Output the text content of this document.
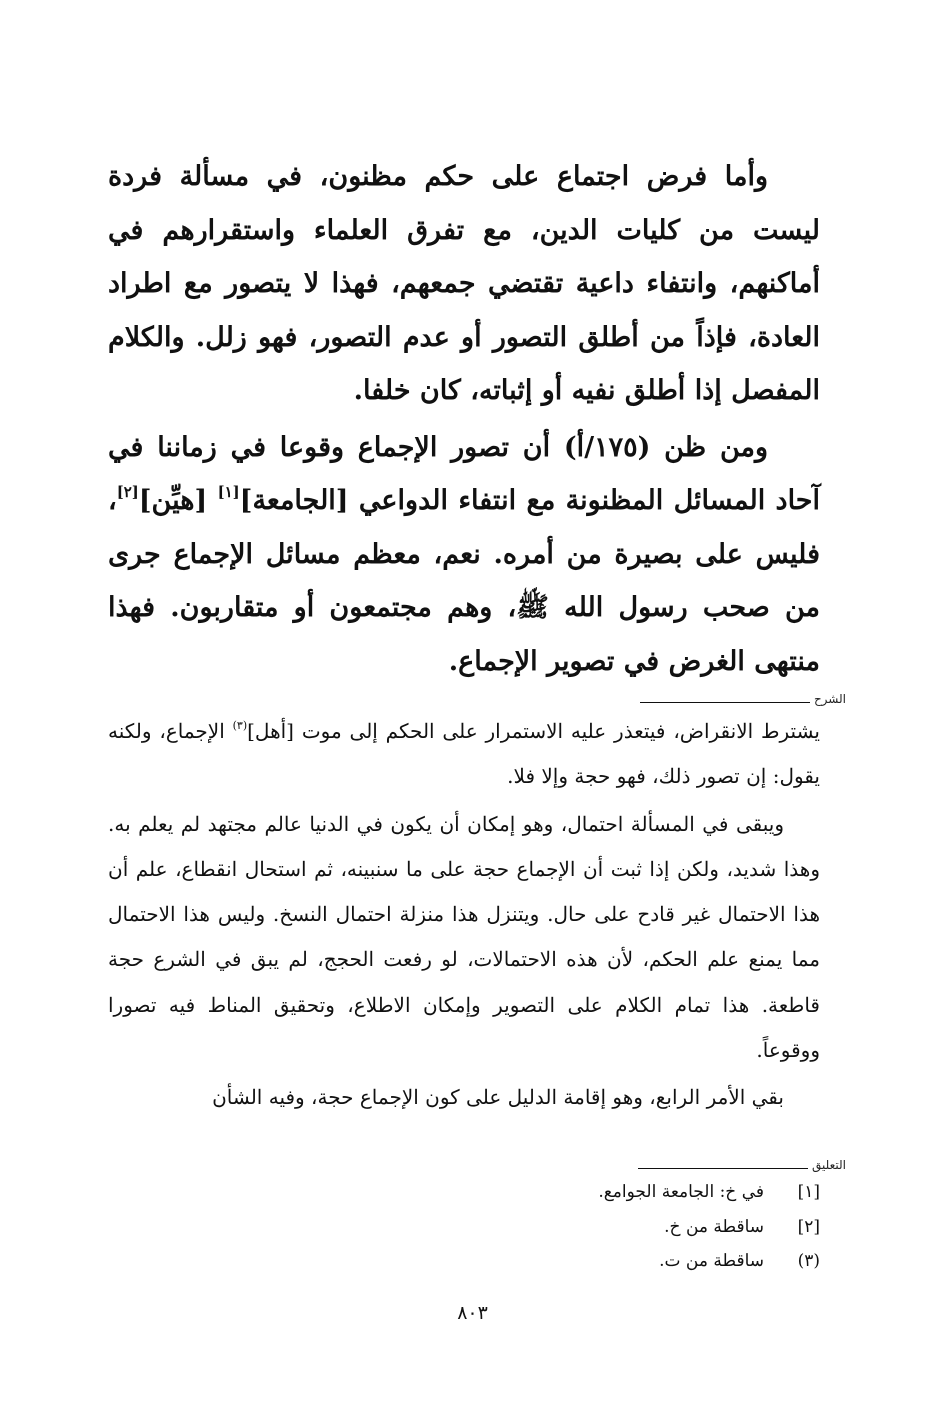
وأما فرض اجتماع على حكم مظنون، في مسألة فردة ليست من كليات الدين، مع تفرق العلماء واستقرارهم في أماكنهم، وانتفاء داعية تقتضي جمعهم، فهذا لا يتصور مع اطراد العادة، فإذاً من أطلق التصور أو عدم التصور، فهو زلل. والكلام المفصل إذا أطلق نفيه أو إثباته، كان خلفا.

ومن ظن (١٧٥/أ) أن تصور الإجماع وقوعا في زماننا في آحاد المسائل المظنونة مع انتفاء الدواعي [الجامعة][١] [هيِّن][٢]، فليس على بصيرة من أمره. نعم، معظم مسائل الإجماع جرى من صحب رسول الله ﷺ، وهم مجتمعون أو متقاربون. فهذا منتهى الغرض في تصوير الإجماع.

الشرح

يشترط الانقراض، فيتعذر عليه الاستمرار على الحكم إلى موت [أهل]$^{(٣)}$ الإجماع، ولكنه يقول: إن تصور ذلك، فهو حجة وإلا فلا.

ويبقى في المسألة احتمال، وهو إمكان أن يكون في الدنيا عالم مجتهد لم يعلم به. وهذا شديد، ولكن إذا ثبت أن الإجماع حجة على ما سنبينه، ثم استحال انقطاع، علم أن هذا الاحتمال غير قادح على حال. ويتنزل هذا منزلة احتمال النسخ. وليس هذا الاحتمال مما يمنع علم الحكم، لأن هذه الاحتمالات، لو رفعت الحجج، لم يبق في الشرع حجة قاطعة. هذا تمام الكلام على التصوير وإمكان الاطلاع، وتحقيق المناط فيه تصورا ووقوعاً.

بقي الأمر الرابع، وهو إقامة الدليل على كون الإجماع حجة، وفيه الشأن

التعليق
[١]
في خ: الجامعة الجوامع.
[٢]
ساقطة من خ.
(٣)
ساقطة من ت.
٨٠٣
